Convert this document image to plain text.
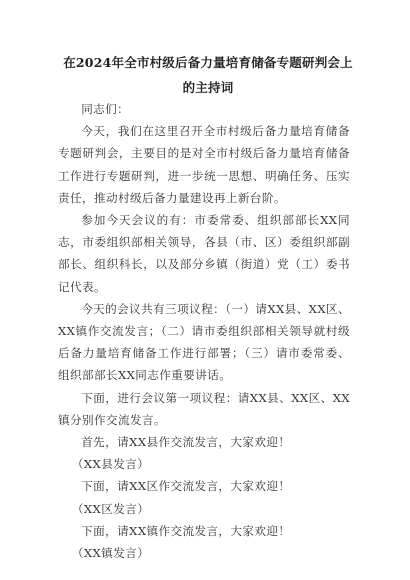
在2024年全市村级后备力量培育储备专题研判会上的主持词

同志们：

今天，我们在这里召开全市村级后备力量培育储备专题研判会，主要目的是对全市村级后备力量培育储备工作进行专题研判，进一步统一思想、明确任务、压实责任，推动村级后备力量建设再上新台阶。

参加今天会议的有：市委常委、组织部部长XX同志，市委组织部相关领导，各县（市、区）委组织部副部长、组织科长，以及部分乡镇（街道）党（工）委书记代表。

今天的会议共有三项议程：（一）请XX县、XX区、XX镇作交流发言；（二）请市委组织部相关领导就村级后备力量培育储备工作进行部署；（三）请市委常委、组织部部长XX同志作重要讲话。

下面，进行会议第一项议程：请XX县、XX区、XX镇分别作交流发言。

首先，请XX县作交流发言，大家欢迎！

（XX县发言）

下面，请XX区作交流发言，大家欢迎！

（XX区发言）

下面，请XX镇作交流发言，大家欢迎！

（XX镇发言）
